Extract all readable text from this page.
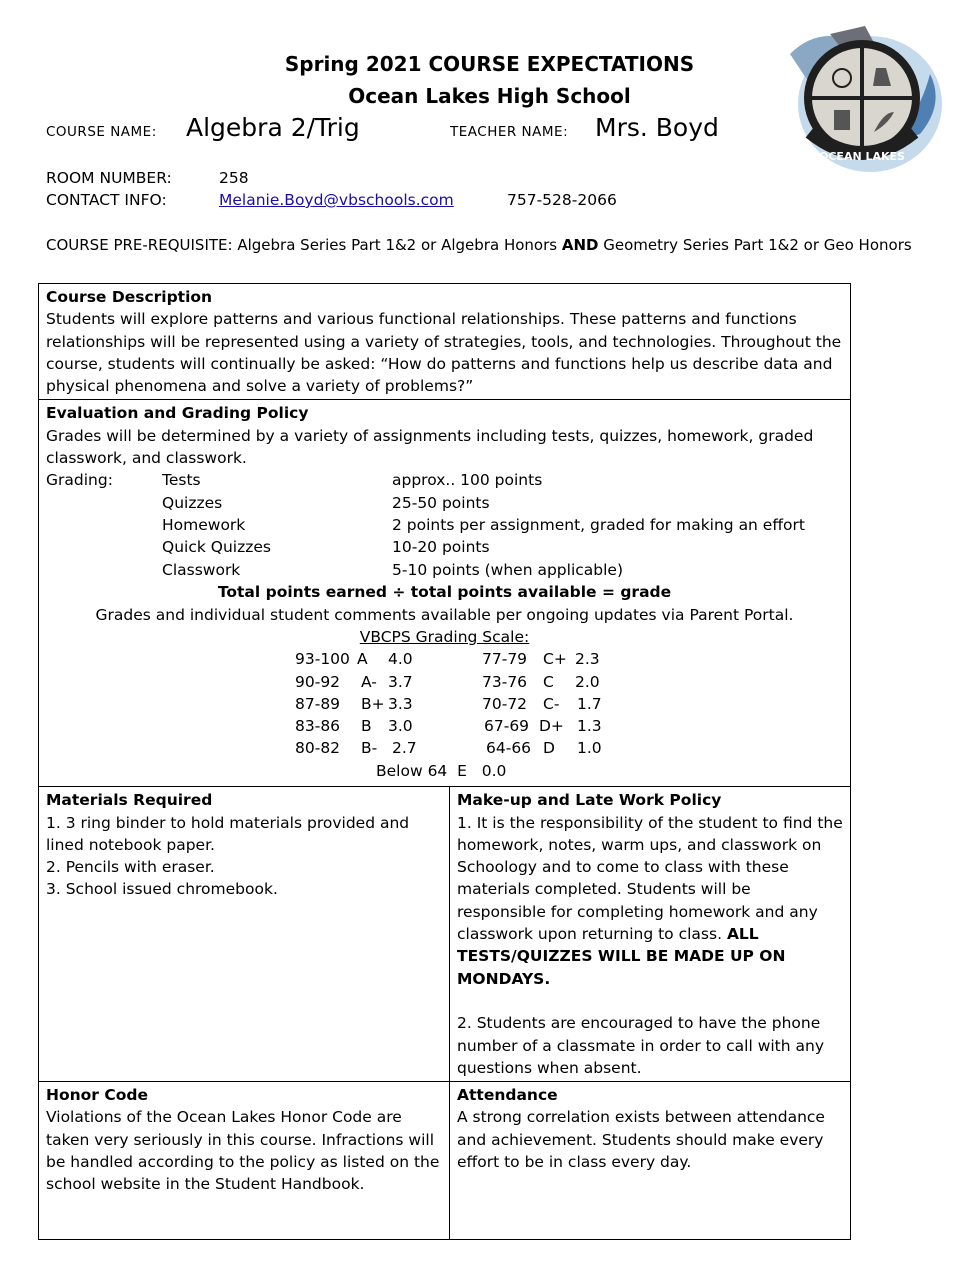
Spring 2021 COURSE EXPECTATIONS
Ocean Lakes High School
OCEAN LAKES
COURSE NAME: Algebra 2/Trig	TEACHER NAME: Mrs. Boyd
ROOM NUMBER:	258
CONTACT INFO:	Melanie.Boyd@vbschools.com	757-528-2066
COURSE PRE-REQUISITE: Algebra Series Part 1&2 or Algebra Honors AND Geometry Series Part 1&2 or Geo Honors
Course Description
Students will explore patterns and various functional relationships. These patterns and functions relationships will be represented using a variety of strategies, tools, and technologies. Throughout the course, students will continually be asked: “How do patterns and functions help us describe data and physical phenomena and solve a variety of problems?”
Evaluation and Grading Policy
Grades will be determined by a variety of assignments including tests, quizzes, homework, graded classwork, and classwork.
Grading:	Tests	approx.. 100 points
Quizzes	25-50 points
Homework	2 points per assignment, graded for making an effort
Quick Quizzes	10-20 points
Classwork	5-10 points (when applicable)
Total points earned ÷ total points available = grade
Grades and individual student comments available per ongoing updates via Parent Portal.
VBCPS Grading Scale:
93-100 A 4.0
90-92 A- 3.7
87-89 B+ 3.3
83-86 B 3.0
80-82 B- 2.7
77-79 C+ 2.3
73-76 C 2.0
70-72 C- 1.7
67-69 D+ 1.3
64-66 D 1.0
Below 64  E   0.0
Materials Required
1. 3 ring binder to hold materials provided and lined notebook paper.
2. Pencils with eraser.
3. School issued chromebook.
Make-up and Late Work Policy
1. It is the responsibility of the student to find the homework, notes, warm ups, and classwork on Schoology and to come to class with these materials completed. Students will be responsible for completing homework and any classwork upon returning to class. ALL TESTS/QUIZZES WILL BE MADE UP ON MONDAYS.
2. Students are encouraged to have the phone number of a classmate in order to call with any questions when absent.
Honor Code
Violations of the Ocean Lakes Honor Code are taken very seriously in this course. Infractions will be handled according to the policy as listed on the school website in the Student Handbook.
Attendance
A strong correlation exists between attendance and achievement. Students should make every effort to be in class every day.
